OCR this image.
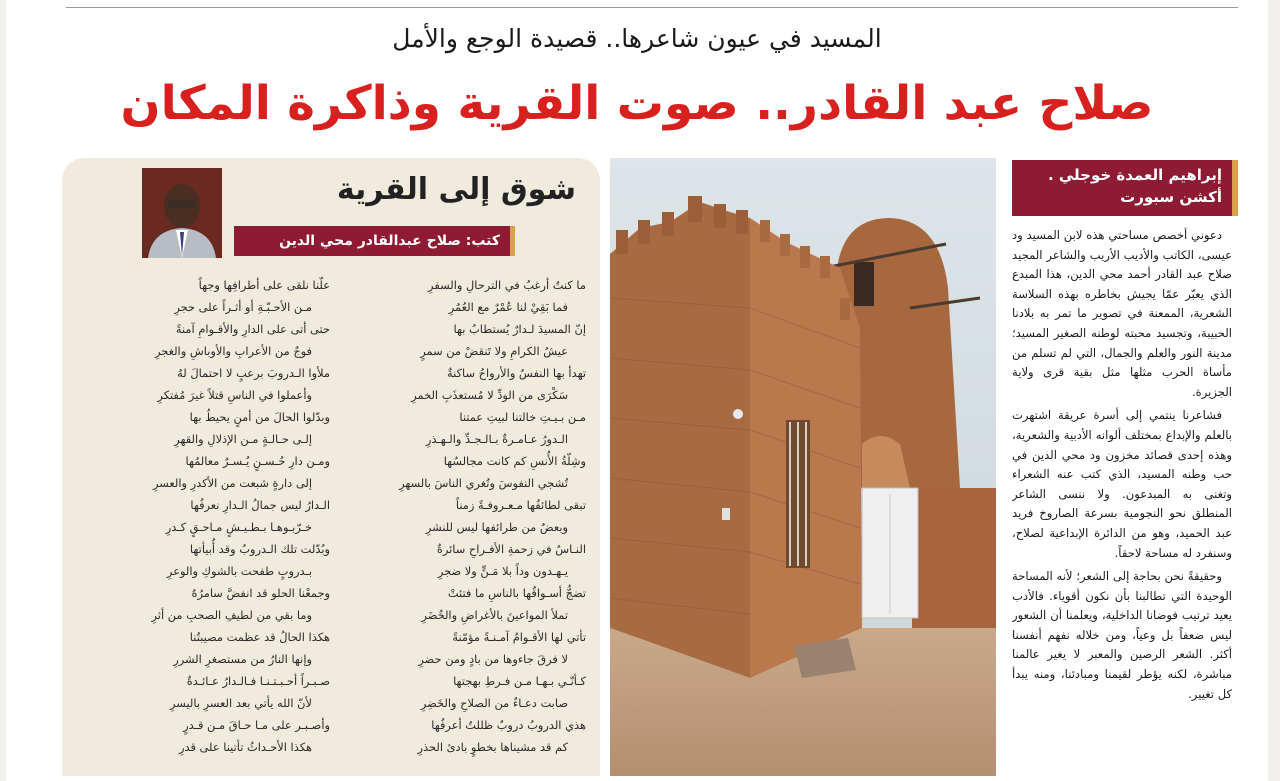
المسيد في عيون شاعرها.. قصيدة الوجع والأمل
صلاح عبد القادر.. صوت القرية وذاكرة المكان
إبراهيم العمدة خوجلي .
أكشن سبورت

دعوني أخصص مساحتي هذه لابن المسيد ود عيسى، الكاتب والأديب الأريب والشاعر المجيد صلاح عبد القادر أحمد محي الدين، هذا المبدع الذي يعبّر عمّا يجيش بخاطره بهذه السلاسة الشعرية، الممعنة في تصوير ما تمر به بلادنا الحبيبة، وتجسيد محبته لوطنه الصغير المسيد؛ مدينة النور والعلم والجمال، التي لم تسلم من مأساة الحرب مثلها مثل بقية قرى ولاية الجزيرة.

فشاعرنا ينتمي إلى أسرة عريقة اشتهرت بالعلم والإبداع بمختلف ألوانه الأدبية والشعرية، وهذه إحدى قصائد مخزون ود محي الدين في حب وطنه المسيد، الذي كتب عنه الشعراء وتغنى به المبدعون. ولا ننسى الشاعر المنطلق نحو النجومية بسرعة الصاروخ فريد عبد الحميد، وهو من الدائرة الإبداعية لصلاح، وسنفرد له مساحة لاحقاً.

وحقيقةً نحن بحاجة إلى الشعر؛ لأنه المساحة الوحيدة التي تطالبنا بأن نكون أقوياء. فالأدب يعيد ترتيب فوضانا الداخلية، ويعلمنا أن الشعور ليس ضعفاً بل وعياً، ومن خلاله نفهم أنفسنا أكثر. الشعر الرصين والمعبر لا يغير عالمنا مباشرة، لكنه يؤطر لقيمنا ومبادئنا، ومنه يبدأ كل تغيير.

شوق إلى القرية
كتب: صلاح عبدالقادر محي الدين
ما كنتُ أرغبُ في الترحالِ والسفرِ
فما بَقِيْ لنا عُمْرٌ مع العُمُرِ
إنّ المسيدَ لـدارٌ يُستطابُ بها
عيشُ الكرامِ ولا تَنقضْ من سمرٍ
تهدأ بها النفسُ والأرواحُ ساكنةٌ
سَكْرَى من الودِّ لا مُستعذَبِ الخمرِ
مـن بـيـتِ خالتنا لبيتِ عمتنا
الـدورُ عـامـرةٌ بـالـجـدِّ والـهـذرِ
وشِلّةُ الأُنسِ كم كانت مجالسُها
تُشجي النفوسَ وتُغري الناسَ بالسهرِ
تبقى لطائفُها مـعـروفـةً زمناً
وبعضٌ من طرائفها ليس للنشرِ
النـاسُ في زحمةِ الأفـراحِ سائرةٌ
يـهـدون وداً بلا مَـنٍّ ولا ضجرِ
تضجُّ أسـواقُها بالناسِ ما فتئتْ
تملأ المواعينَ بالأغراضِ والخُضَرِ
تأتي لها الأقـوامُ آمـنـةً مؤمّنةً
لا فرقَ جاءوها من بادٍ ومن حضرِ
كـأنّـي بـهـا مـن فـرطِ بهجتها
صابت دعـاءٌ من الصلاحِ والخَضِرِ
هذي الدروبُ دروبٌ ظللتُ أعرفُها
كم قد مشيناها بخطوٍ بادئ الحذرِ
علّنا نلقى على أطرافِها وجهاً
مـن الأحـبّـةِ أو أثـراً على حجرِ
حتى أتى على الدارِ والأقـوامِ آمنةً
فوجٌ من الأعرابِ والأوباشِ والغجرِ
ملأوا الـدروبَ برعبٍ لا احتمالَ لهُ
وأعملوا في الناسِ قتلاً غيرَ مُفتكرِ
وبدّلوا الحالَ من أمنٍ يحيطُ بها
إلـى حـالـةٍ مـن الإذلالِ والقهرِ
ومـن دارِ حُـسـنٍ يُـسـرٌ معالمُها
إلى دارةٍ شبعت من الأكدرِ والعسرِ
الـدارُ ليس جمالُ الـدارِ نعرفُها
خـرّبـوهـا بـطـيـشٍ مـاحـقٍ كـدرِ
وبُدّلت تلك الـدروبُ وقد أُبيأتها
بـدروبٍ طفحت بالشوكِ والوعرِ
وجمعْنا الحلو قد انفضَّ سامرُهُ
وما بقي من لطيفِ الصحبِ من أثرِ
هكذا الحالُ قد عظمت مصيبتُنا
وإنها النارُ من مستصغرِ الشررِ
صـبـراً أحـبـتـنـا فـالـدارُ عـائـدةٌ
لأنّ الله يأتي بعد العسرِ باليسرِ
وأصـبـر على مـا حـاقَ مـن قـدرٍ
هكذا الأحـداثُ تأتينا على قدرِ
